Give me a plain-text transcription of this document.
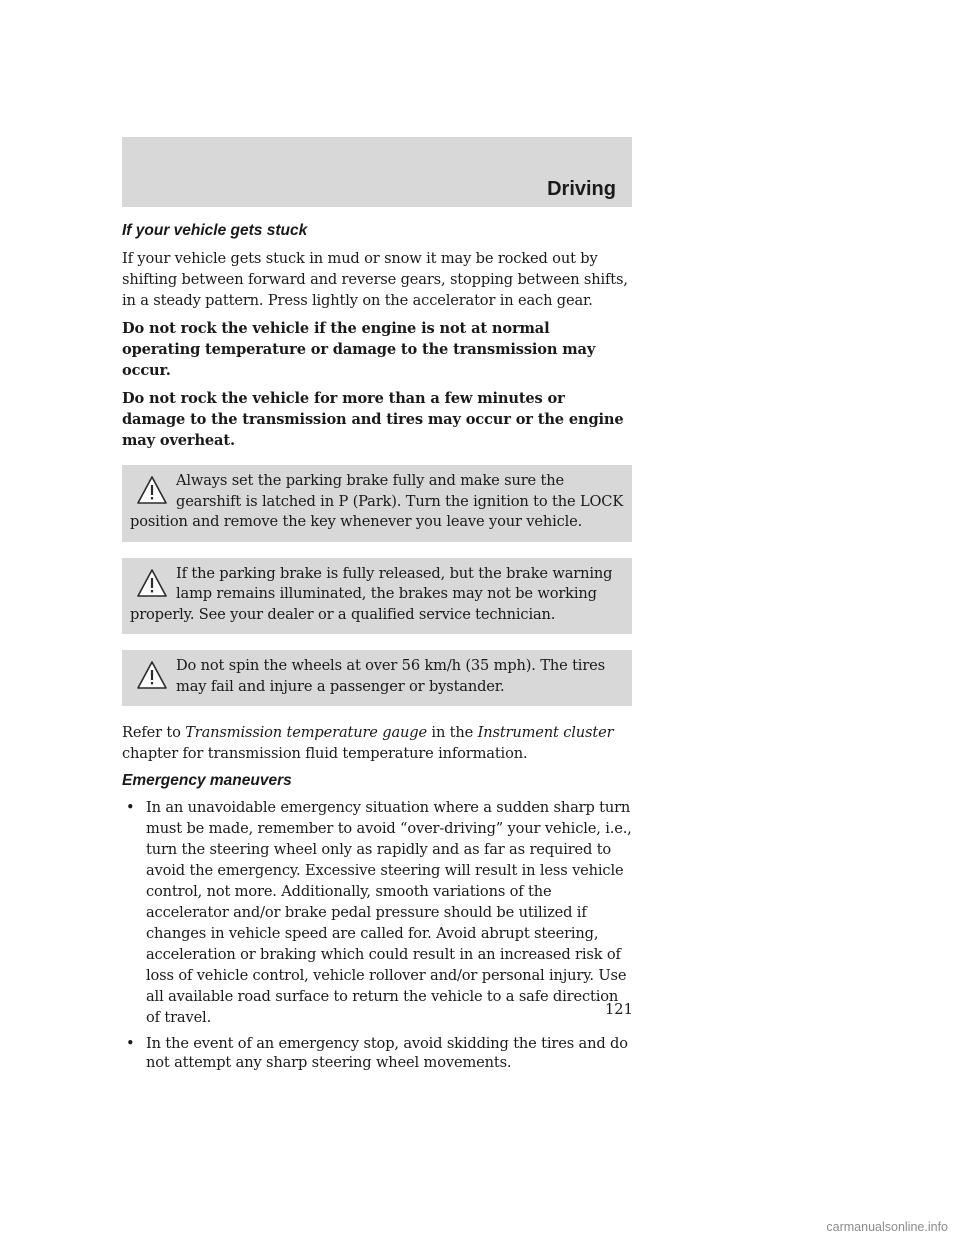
Driving
If your vehicle gets stuck

If your vehicle gets stuck in mud or snow it may be rocked out by shifting between forward and reverse gears, stopping between shifts, in a steady pattern. Press lightly on the accelerator in each gear.

Do not rock the vehicle if the engine is not at normal operating temperature or damage to the transmission may occur.

Do not rock the vehicle for more than a few minutes or damage to the transmission and tires may occur or the engine may overheat.

Always set the parking brake fully and make sure the gearshift is latched in P (Park). Turn the ignition to the LOCK position and remove the key whenever you leave your vehicle.
If the parking brake is fully released, but the brake warning lamp remains illuminated, the brakes may not be working properly. See your dealer or a qualified service technician.
Do not spin the wheels at over 56 km/h (35 mph). The tires may fail and injure a passenger or bystander.

Refer to Transmission temperature gauge in the Instrument cluster chapter for transmission fluid temperature information.

Emergency maneuvers
• In an unavoidable emergency situation where a sudden sharp turn must be made, remember to avoid “over-driving” your vehicle, i.e., turn the steering wheel only as rapidly and as far as required to avoid the emergency. Excessive steering will result in less vehicle control, not more. Additionally, smooth variations of the accelerator and/or brake pedal pressure should be utilized if changes in vehicle speed are called for. Avoid abrupt steering, acceleration or braking which could result in an increased risk of loss of vehicle control, vehicle rollover and/or personal injury. Use all available road surface to return the vehicle to a safe direction of travel.
• In the event of an emergency stop, avoid skidding the tires and do not attempt any sharp steering wheel movements.
121
carmanualsonline.info
